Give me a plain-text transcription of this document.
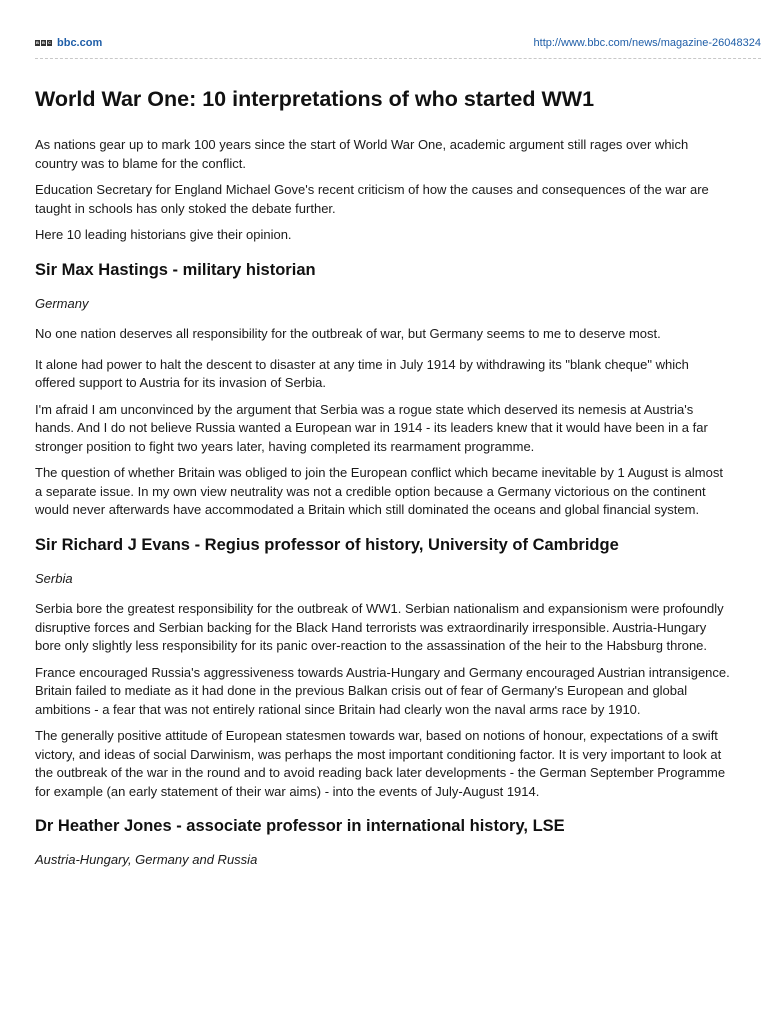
B B C bbc.com	http://www.bbc.com/news/magazine-26048324
World War One: 10 interpretations of who started WW1

As nations gear up to mark 100 years since the start of World War One, academic argument still rages over which country was to blame for the conflict.

Education Secretary for England Michael Gove's recent criticism of how the causes and consequences of the war are taught in schools has only stoked the debate further.

Here 10 leading historians give their opinion.

Sir Max Hastings - military historian

Germany

No one nation deserves all responsibility for the outbreak of war, but Germany seems to me to deserve most.

It alone had power to halt the descent to disaster at any time in July 1914 by withdrawing its "blank cheque" which offered support to Austria for its invasion of Serbia.

I'm afraid I am unconvinced by the argument that Serbia was a rogue state which deserved its nemesis at Austria's hands. And I do not believe Russia wanted a European war in 1914 - its leaders knew that it would have been in a far stronger position to fight two years later, having completed its rearmament programme.

The question of whether Britain was obliged to join the European conflict which became inevitable by 1 August is almost a separate issue. In my own view neutrality was not a credible option because a Germany victorious on the continent would never afterwards have accommodated a Britain which still dominated the oceans and global financial system.

Sir Richard J Evans - Regius professor of history, University of Cambridge

Serbia

Serbia bore the greatest responsibility for the outbreak of WW1. Serbian nationalism and expansionism were profoundly disruptive forces and Serbian backing for the Black Hand terrorists was extraordinarily irresponsible. Austria-Hungary bore only slightly less responsibility for its panic over-reaction to the assassination of the heir to the Habsburg throne.

France encouraged Russia's aggressiveness towards Austria-Hungary and Germany encouraged Austrian intransigence. Britain failed to mediate as it had done in the previous Balkan crisis out of fear of Germany's European and global ambitions - a fear that was not entirely rational since Britain had clearly won the naval arms race by 1910.

The generally positive attitude of European statesmen towards war, based on notions of honour, expectations of a swift victory, and ideas of social Darwinism, was perhaps the most important conditioning factor. It is very important to look at the outbreak of the war in the round and to avoid reading back later developments - the German September Programme for example (an early statement of their war aims) - into the events of July-August 1914.

Dr Heather Jones - associate professor in international history, LSE

Austria-Hungary, Germany and Russia
